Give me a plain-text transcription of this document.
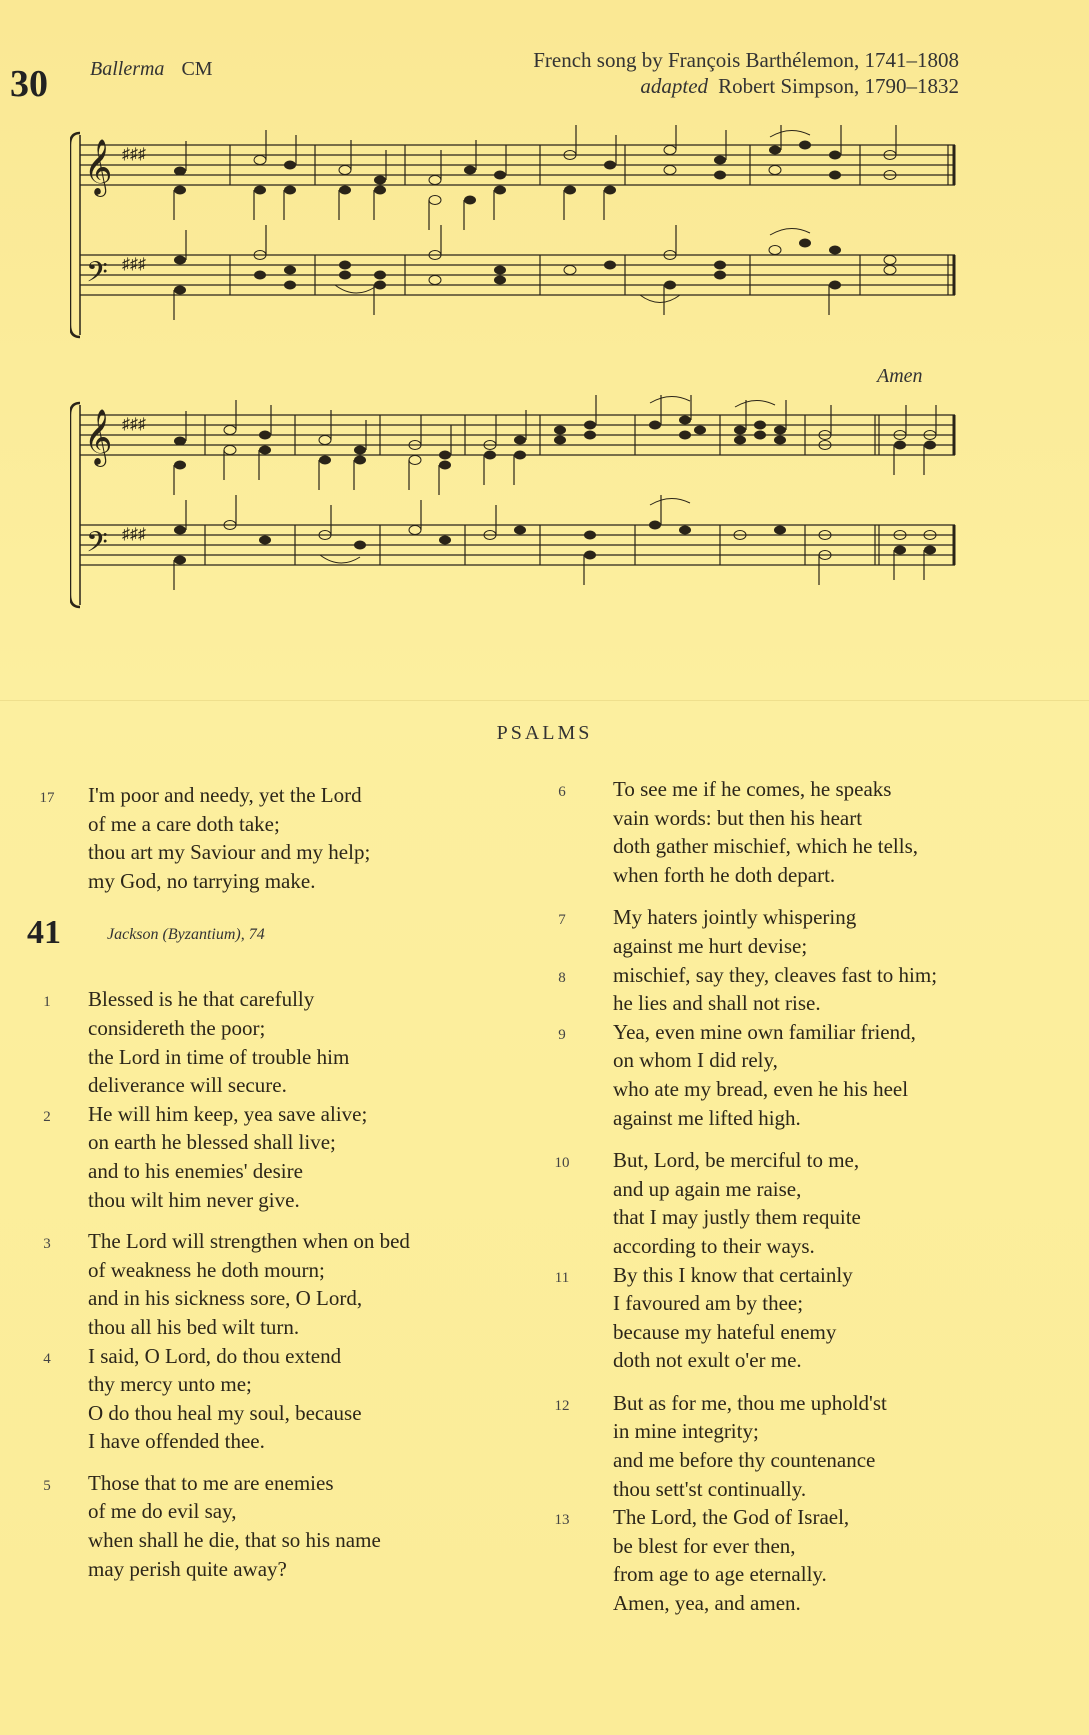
30 Ballerma CM	French song by François Barthélemon, 1741–1808
adapted Robert Simpson, 1790–1832
𝄞
𝄢
♯♯♯
♯♯♯
Amen
𝄞
𝄢
♯♯♯
♯♯♯
PSALMS
17	I'm poor and needy, yet the Lord
of me a care doth take;
thou art my Saviour and my help;
my God, no tarrying make.
1	Blessed is he that carefully
considereth the poor;
the Lord in time of trouble him
deliverance will secure.
2	He will him keep, yea save alive;
on earth he blessed shall live;
and to his enemies' desire
thou wilt him never give.
3	The Lord will strengthen when on bed
of weakness he doth mourn;
and in his sickness sore, O Lord,
thou all his bed wilt turn.
4	I said, O Lord, do thou extend
thy mercy unto me;
O do thou heal my soul, because
I have offended thee.
5	Those that to me are enemies
of me do evil say,
when shall he die, that so his name
may perish quite away?
41	Jackson (Byzantium), 74
6	To see me if he comes, he speaks
vain words: but then his heart
doth gather mischief, which he tells,
when forth he doth depart.
7	My haters jointly whispering
against me hurt devise;
8	mischief, say they, cleaves fast to him;
he lies and shall not rise.
9	Yea, even mine own familiar friend,
on whom I did rely,
who ate my bread, even he his heel
against me lifted high.
10	But, Lord, be merciful to me,
and up again me raise,
that I may justly them requite
according to their ways.
11	By this I know that certainly
I favoured am by thee;
because my hateful enemy
doth not exult o'er me.
12	But as for me, thou me uphold'st
in mine integrity;
and me before thy countenance
thou sett'st continually.
13	The Lord, the God of Israel,
be blest for ever then,
from age to age eternally.
Amen, yea, and amen.
